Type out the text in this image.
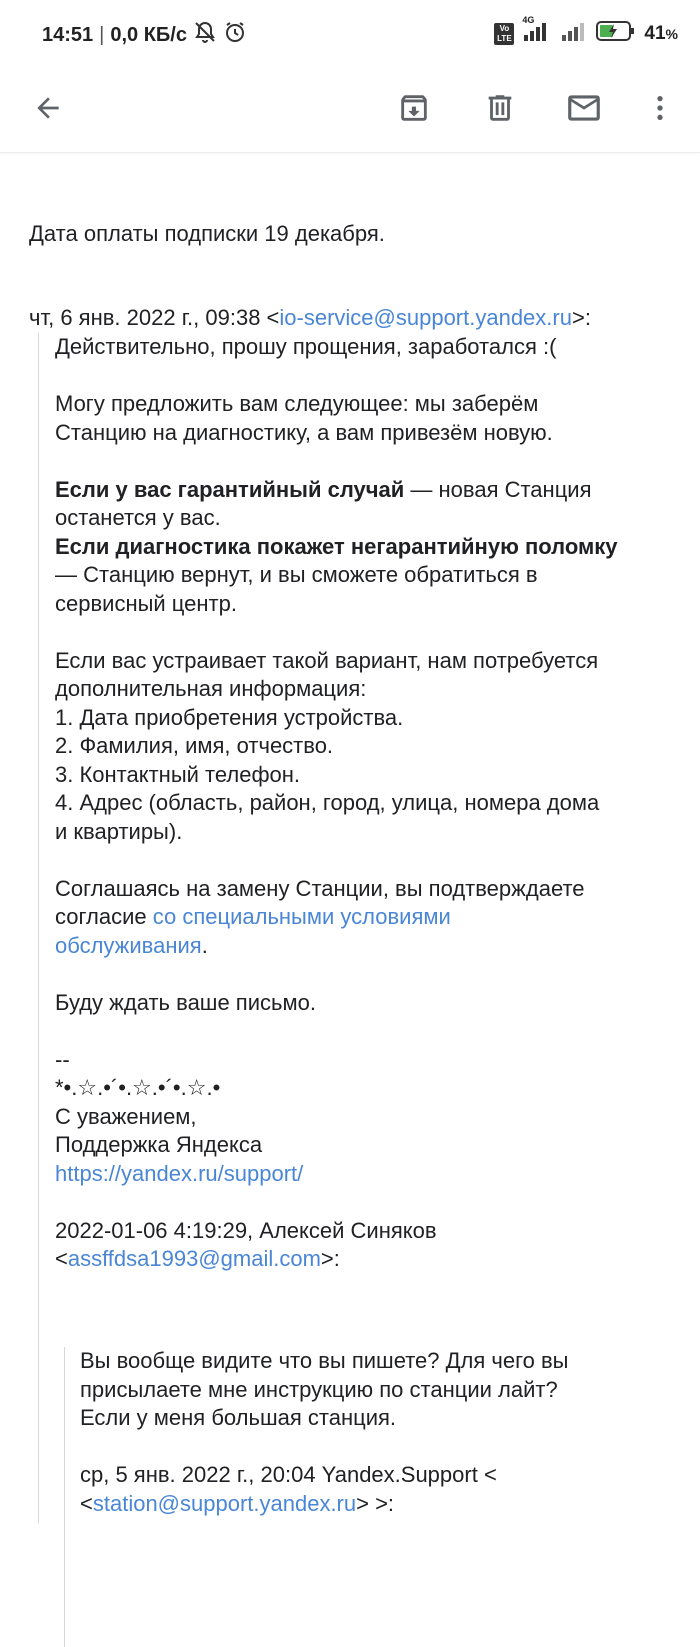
14:51 | 0,0 КБ/с	Vo
LTE
4G
41%
Дата оплаты подписки 19 декабря.
чт, 6 янв. 2022 г., 09:38 <io-service@support.yandex.ru>:
Действительно, прошу прощения, заработался :(
Могу предложить вам следующее: мы заберём
Станцию на диагностику, а вам привезём новую.
Если у вас гарантийный случай — новая Станция
останется у вас.
Если диагностика покажет негарантийную поломку
— Станцию вернут, и вы сможете обратиться в
сервисный центр.
Если вас устраивает такой вариант, нам потребуется
дополнительная информация:
1. Дата приобретения устройства.
2. Фамилия, имя, отчество.
3. Контактный телефон.
4. Адрес (область, район, город, улица, номера дома
и квартиры).
Соглашаясь на замену Станции, вы подтверждаете
согласие со специальными условиями
обслуживания.
Буду ждать ваше письмо.
--
*•.☆.•´•.☆.•´•.☆.•
С уважением,
Поддержка Яндекса
https://yandex.ru/support/
2022-01-06 4:19:29, Алексей Синяков
<assffdsa1993@gmail.com>:
Вы вообще видите что вы пишете? Для чего вы
присылаете мне инструкцию по станции лайт?
Если у меня большая станция.
ср, 5 янв. 2022 г., 20:04 Yandex.Support <
<station@support.yandex.ru> >:
